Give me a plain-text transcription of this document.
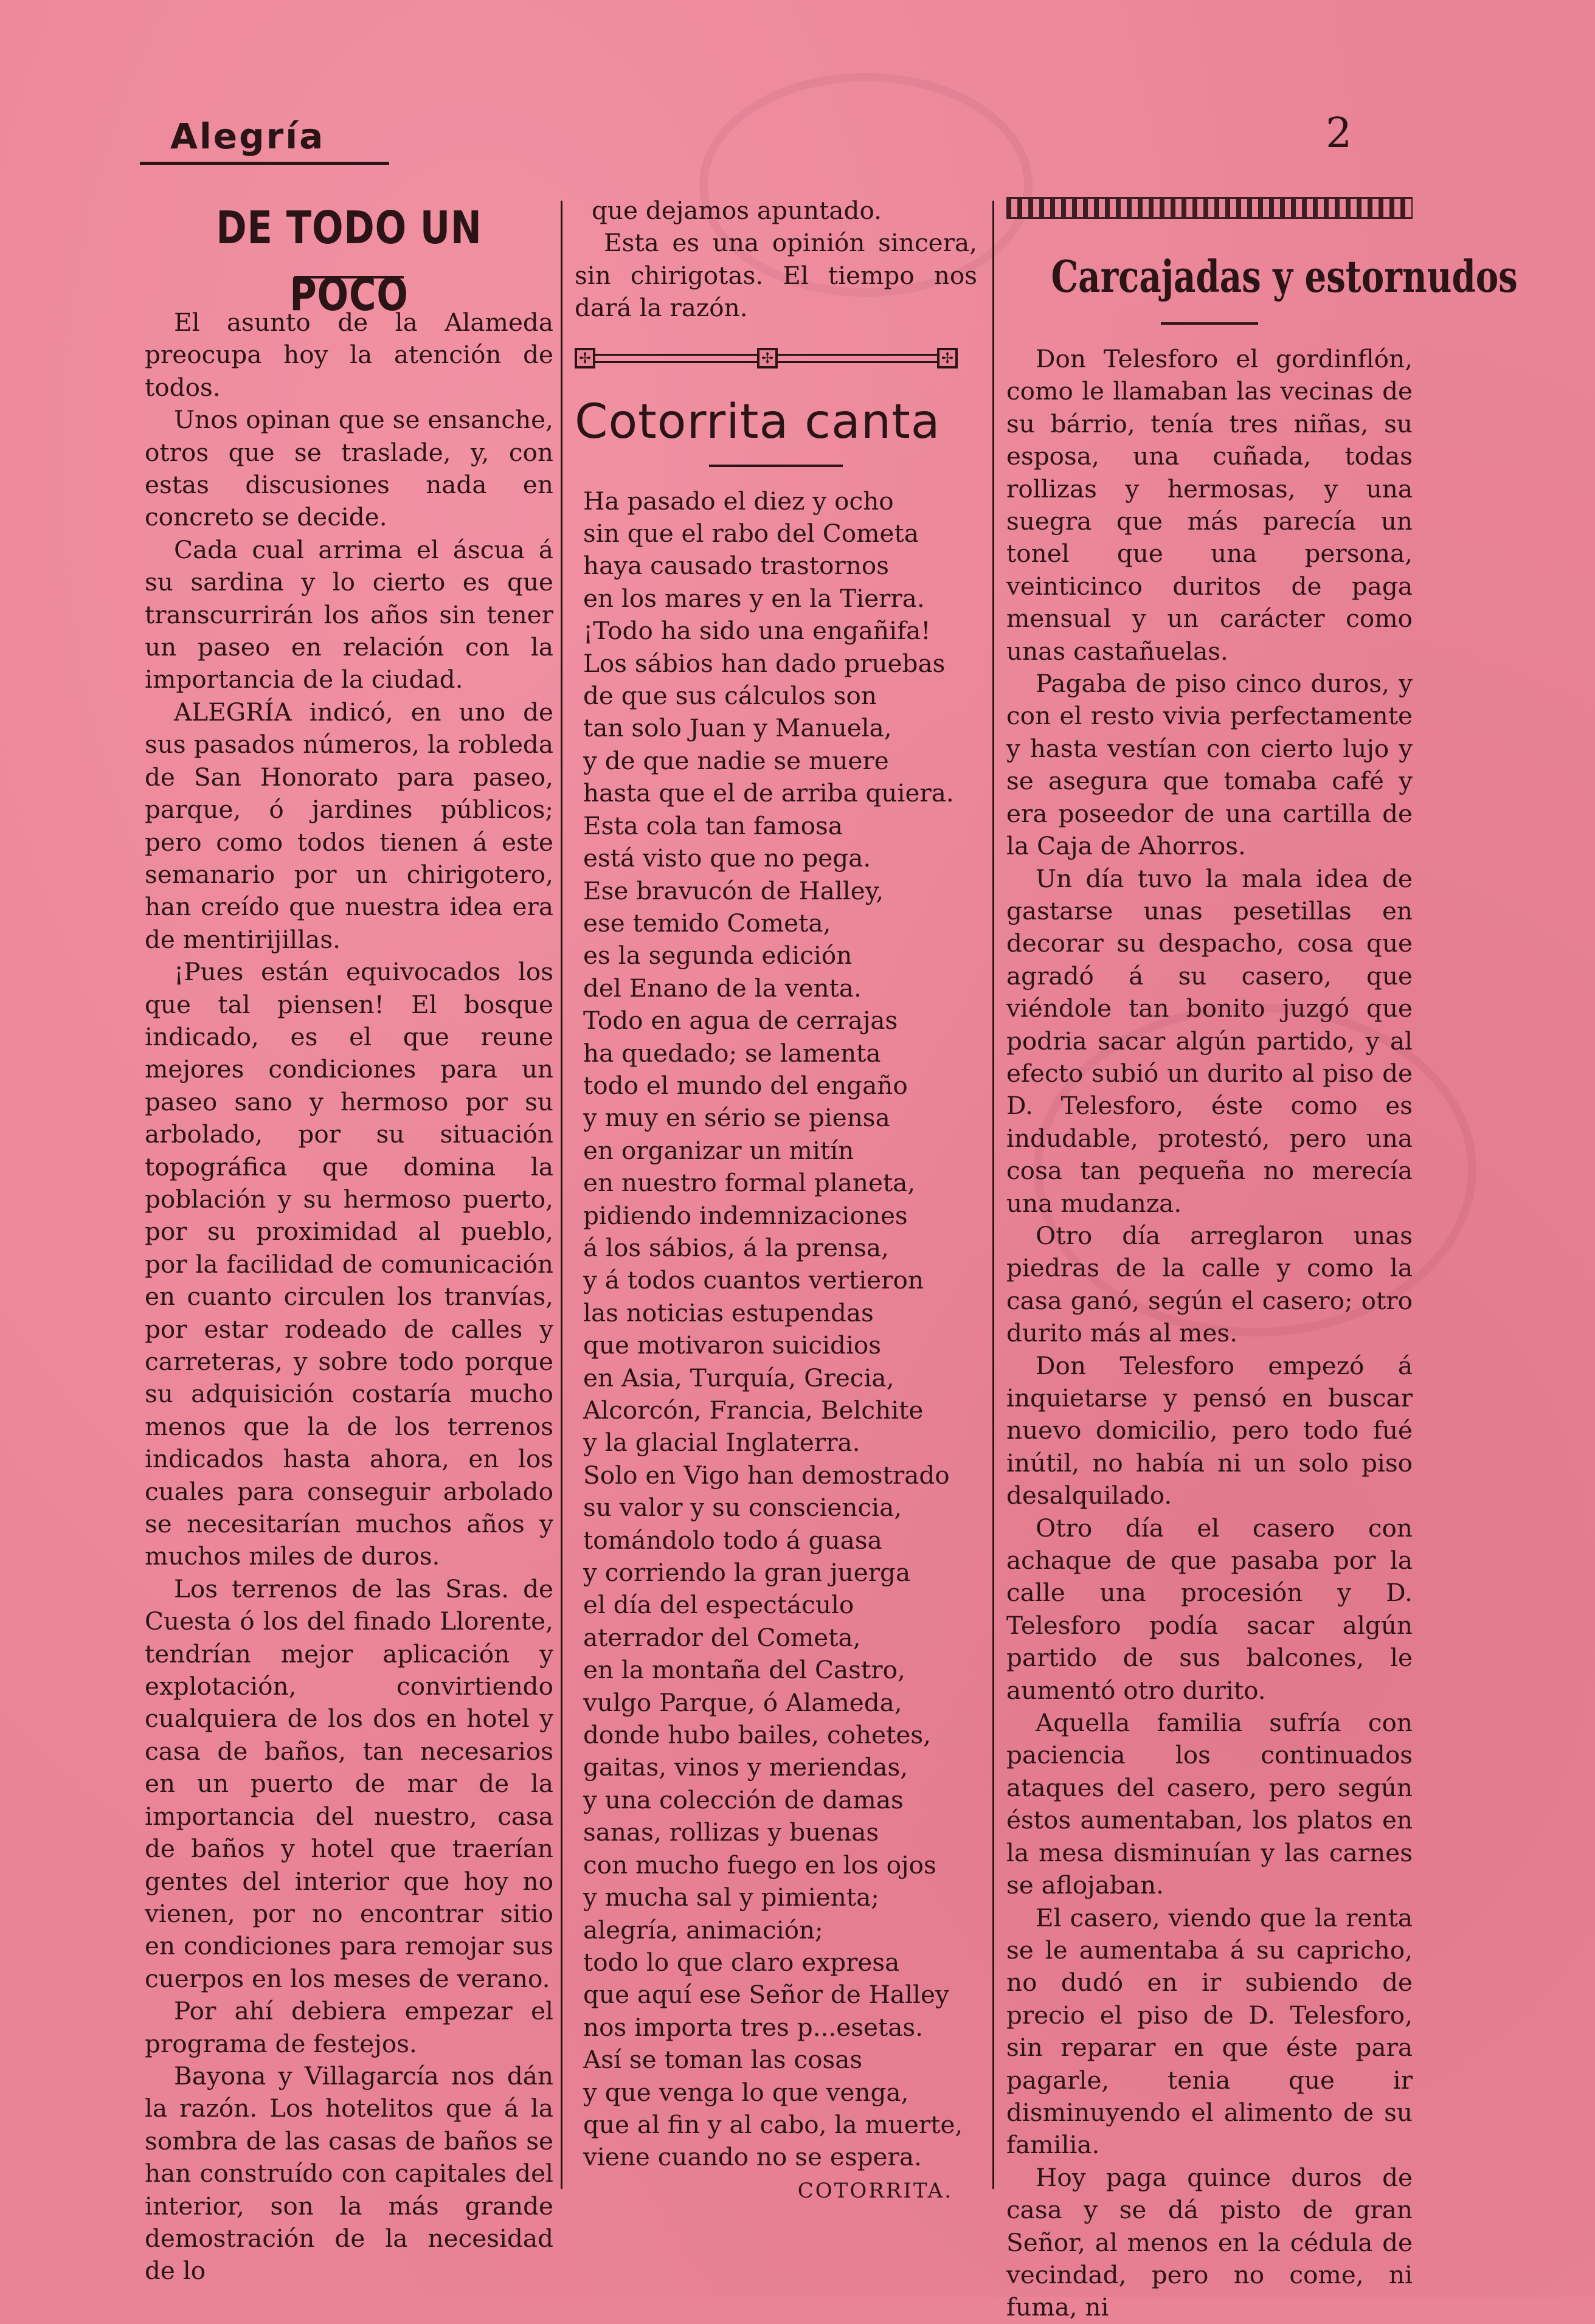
Alegría	2
DE TODO UN POCO

El asunto de la Alameda preocupa hoy la atención de todos.

Unos opinan que se ensanche, otros que se traslade, y, con estas discusiones nada en concreto se decide.

Cada cual arrima el áscua á su sardina y lo cierto es que transcurrirán los años sin tener un paseo en relación con la importancia de la ciudad.

ALEGRÍA indicó, en uno de sus pasados números, la robleda de San Honorato para paseo, parque, ó jardines públicos; pero como todos tienen á este semanario por un chirigotero, han creído que nuestra idea era de mentirijillas.

¡Pues están equivocados los que tal piensen! El bosque indicado, es el que reune mejores condiciones para un paseo sano y hermoso por su arbolado, por su situación topográfica que domina la población y su hermoso puerto, por su proximidad al pueblo, por la facilidad de comunicación en cuanto circulen los tranvías, por estar rodeado de calles y carreteras, y sobre todo porque su adquisición costaría mucho menos que la de los terrenos indicados hasta ahora, en los cuales para conseguir arbolado se necesitarían muchos años y muchos miles de duros.

Los terrenos de las Sras. de Cuesta ó los del finado Llorente, tendrían mejor aplicación y explotación, convirtiendo cualquiera de los dos en hotel y casa de baños, tan necesarios en un puerto de mar de la importancia del nuestro, casa de baños y hotel que traerían gentes del interior que hoy no vienen, por no encontrar sitio en condiciones para remojar sus cuerpos en los meses de verano.

Por ahí debiera empezar el programa de festejos.

Bayona y Villagarcía nos dán la razón. Los hotelitos que á la sombra de las casas de baños se han construído con capitales del interior, son la más grande demostración de la necesidad de lo

que dejamos apuntado.

Esta es una opinión sincera, sin chirigotas. El tiempo nos dará la razón.

✢	✢	✢
Cotorrita canta
Ha pasado el diez y ocho
sin que el rabo del Cometa
haya causado trastornos
en los mares y en la Tierra.
¡Todo ha sido una engañifa!
Los sábios han dado pruebas
de que sus cálculos son
tan solo Juan y Manuela,
y de que nadie se muere
hasta que el de arriba quiera.
Esta cola tan famosa
está visto que no pega.
Ese bravucón de Halley,
ese temido Cometa,
es la segunda edición
del Enano de la venta.
Todo en agua de cerrajas
ha quedado; se lamenta
todo el mundo del engaño
y muy en sério se piensa
en organizar un mitín
en nuestro formal planeta,
pidiendo indemnizaciones
á los sábios, á la prensa,
y á todos cuantos vertieron
las noticias estupendas
que motivaron suicidios
en Asia, Turquía, Grecia,
Alcorcón, Francia, Belchite
y la glacial Inglaterra.
Solo en Vigo han demostrado
su valor y su consciencia,
tomándolo todo á guasa
y corriendo la gran juerga
el día del espectáculo
aterrador del Cometa,
en la montaña del Castro,
vulgo Parque, ó Alameda,
donde hubo bailes, cohetes,
gaitas, vinos y meriendas,
y una colección de damas
sanas, rollizas y buenas
con mucho fuego en los ojos
y mucha sal y pimienta;
alegría, animación;
todo lo que claro expresa
que aquí ese Señor de Halley
nos importa tres p...esetas.
Así se toman las cosas
y que venga lo que venga,
que al fin y al cabo, la muerte,
viene cuando no se espera.
COTORRITA.
Carcajadas y estornudos

Don Telesforo el gordinflón, como le llamaban las vecinas de su bárrio, tenía tres niñas, su esposa, una cuñada, todas rollizas y hermosas, y una suegra que más parecía un tonel que una persona, veinticinco duritos de paga mensual y un carácter como unas castañuelas.

Pagaba de piso cinco duros, y con el resto vivia perfectamente y hasta vestían con cierto lujo y se asegura que tomaba café y era poseedor de una cartilla de la Caja de Ahorros.

Un día tuvo la mala idea de gastarse unas pesetillas en decorar su despacho, cosa que agradó á su casero, que viéndole tan bonito juzgó que podria sacar algún partido, y al efecto subió un durito al piso de D. Telesforo, éste como es indudable, protestó, pero una cosa tan pequeña no merecía una mudanza.

Otro día arreglaron unas piedras de la calle y como la casa ganó, según el casero; otro durito más al mes.

Don Telesforo empezó á inquietarse y pensó en buscar nuevo domicilio, pero todo fué inútil, no había ni un solo piso desalquilado.

Otro día el casero con achaque de que pasaba por la calle una procesión y D. Telesforo podía sacar algún partido de sus balcones, le aumentó otro durito.

Aquella familia sufría con paciencia los continuados ataques del casero, pero según éstos aumentaban, los platos en la mesa disminuían y las carnes se aflojaban.

El casero, viendo que la renta se le aumentaba á su capricho, no dudó en ir subiendo de precio el piso de D. Telesforo, sin reparar en que éste para pagarle, tenia que ir disminuyendo el alimento de su familia.

Hoy paga quince duros de casa y se dá pisto de gran Señor, al menos en la cédula de vecindad, pero no come, ni fuma, ni
